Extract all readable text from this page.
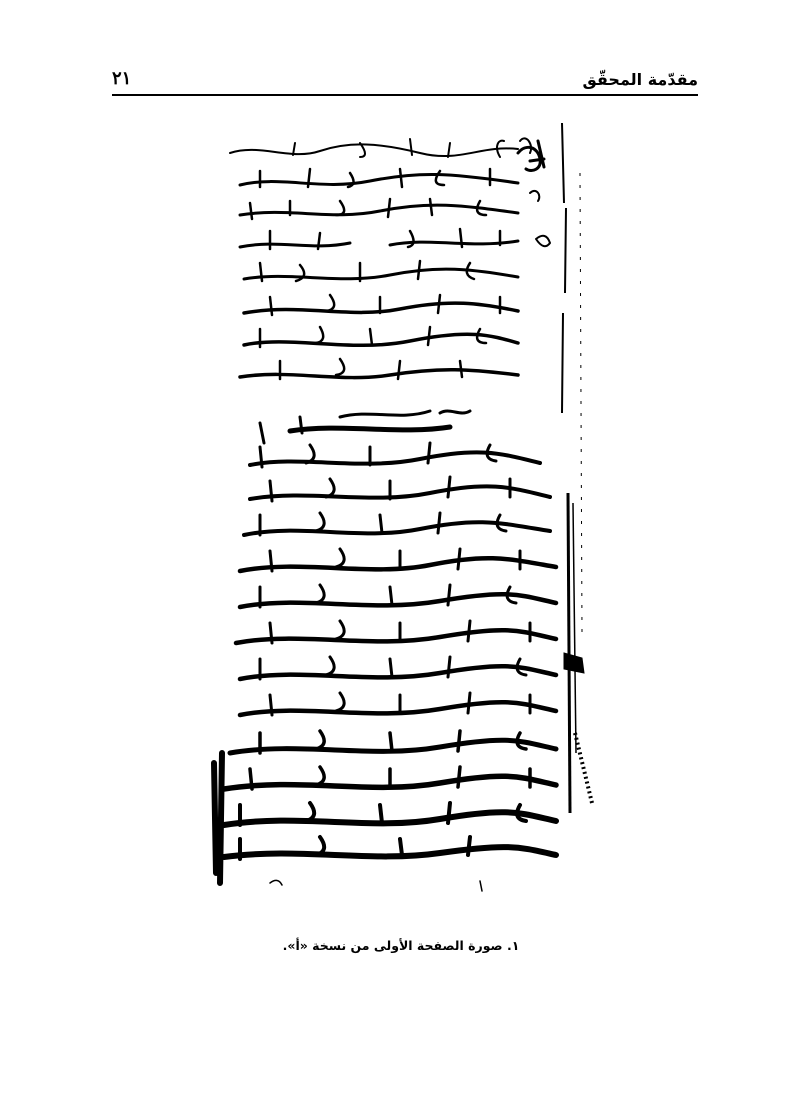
مقدّمة المحقّق
٢١
١. صورة الصفحة الأولى من نسخة «أ».
